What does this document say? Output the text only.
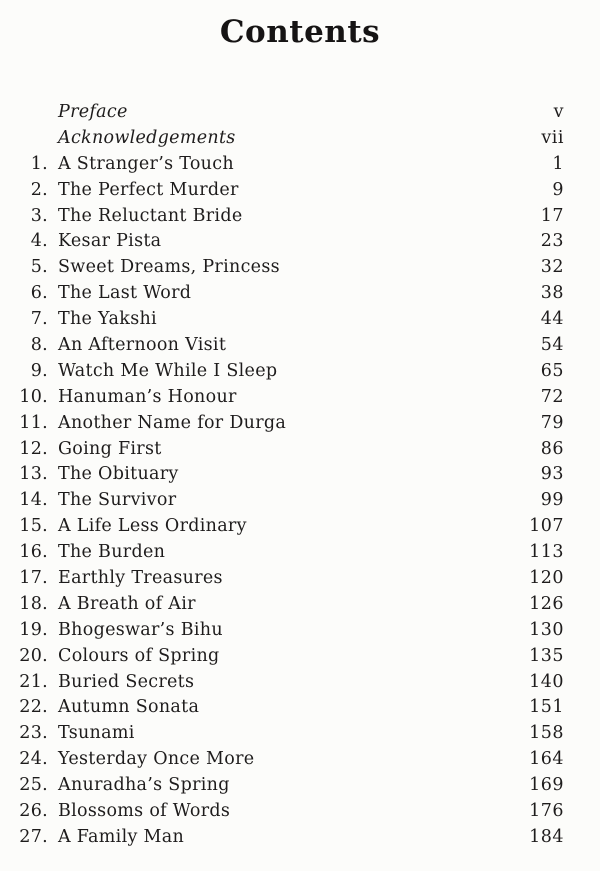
Contents
Preface	v
Acknowledgements	vii
1. A Stranger’s Touch	1
2. The Perfect Murder	9
3. The Reluctant Bride	17
4. Kesar Pista	23
5. Sweet Dreams, Princess	32
6. The Last Word	38
7. The Yakshi	44
8. An Afternoon Visit	54
9. Watch Me While I Sleep	65
10. Hanuman’s Honour	72
11. Another Name for Durga	79
12. Going First	86
13. The Obituary	93
14. The Survivor	99
15. A Life Less Ordinary	107
16. The Burden	113
17. Earthly Treasures	120
18. A Breath of Air	126
19. Bhogeswar’s Bihu	130
20. Colours of Spring	135
21. Buried Secrets	140
22. Autumn Sonata	151
23. Tsunami	158
24. Yesterday Once More	164
25. Anuradha’s Spring	169
26. Blossoms of Words	176
27. A Family Man	184
